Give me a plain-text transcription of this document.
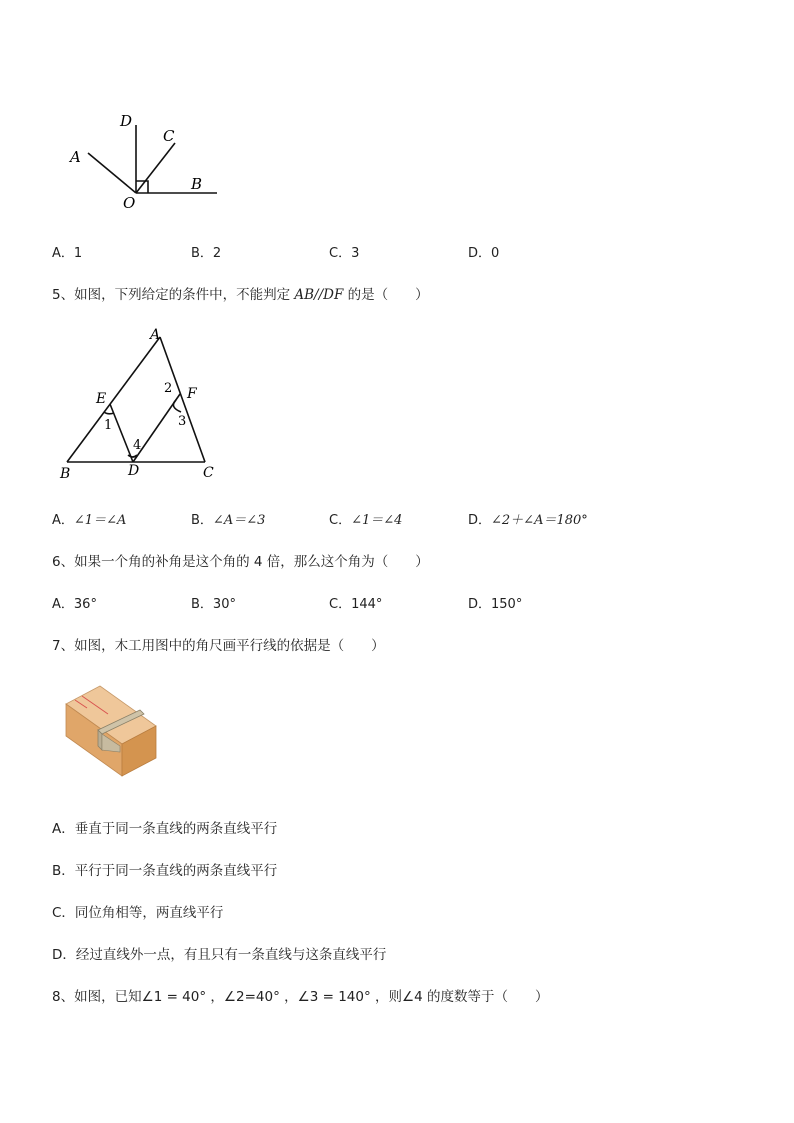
D
C
A
B
O
A．1	B．2	C．3	D．0
5、如图，下列给定的条件中，不能判定 AB//DF 的是（　　）
A
E	F
B	D	C
1
2
3
4
A．∠1＝∠A	B．∠A＝∠3	C．∠1＝∠4	D．∠2＋∠A＝180°
6、如果一个角的补角是这个角的 4 倍，那么这个角为（　　）
A．36°	B．30°	C．144°	D．150°
7、如图，木工用图中的角尺画平行线的依据是（　　）
A．垂直于同一条直线的两条直线平行
B．平行于同一条直线的两条直线平行
C．同位角相等，两直线平行
D．经过直线外一点，有且只有一条直线与这条直线平行
8、如图，已知∠1 = 40° ，∠2=40° ，∠3 = 140° ，则∠4 的度数等于（　　）
